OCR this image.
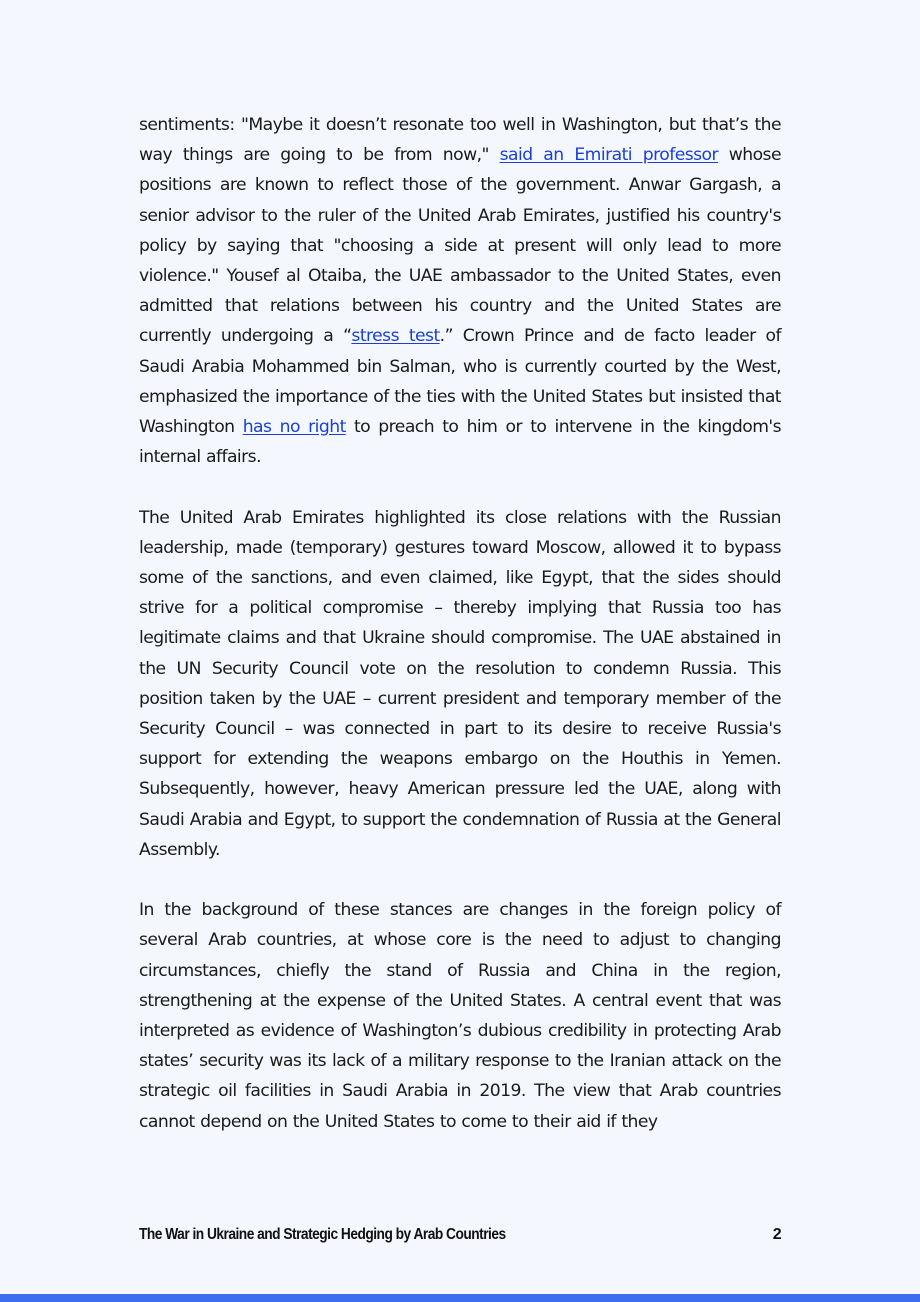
sentiments: "Maybe it doesn’t resonate too well in Washington, but that’s the way things are going to be from now," said an Emirati professor whose positions are known to reflect those of the government. Anwar Gargash, a senior advisor to the ruler of the United Arab Emirates, justified his country's policy by saying that "choosing a side at present will only lead to more violence." Yousef al Otaiba, the UAE ambassador to the United States, even admitted that relations between his country and the United States are currently undergoing a “stress test.” Crown Prince and de facto leader of Saudi Arabia Mohammed bin Salman, who is currently courted by the West, emphasized the importance of the ties with the United States but insisted that Washington has no right to preach to him or to intervene in the kingdom's internal affairs.

The United Arab Emirates highlighted its close relations with the Russian leadership, made (temporary) gestures toward Moscow, allowed it to bypass some of the sanctions, and even claimed, like Egypt, that the sides should strive for a political compromise – thereby implying that Russia too has legitimate claims and that Ukraine should compromise. The UAE abstained in the UN Security Council vote on the resolution to condemn Russia. This position taken by the UAE – current president and temporary member of the Security Council – was connected in part to its desire to receive Russia's support for extending the weapons embargo on the Houthis in Yemen. Subsequently, however, heavy American pressure led the UAE, along with Saudi Arabia and Egypt, to support the condemnation of Russia at the General Assembly.

In the background of these stances are changes in the foreign policy of several Arab countries, at whose core is the need to adjust to changing circumstances, chiefly the stand of Russia and China in the region, strengthening at the expense of the United States. A central event that was interpreted as evidence of Washington’s dubious credibility in protecting Arab states’ security was its lack of a military response to the Iranian attack on the strategic oil facilities in Saudi Arabia in 2019. The view that Arab countries cannot depend on the United States to come to their aid if they

The War in Ukraine and Strategic Hedging by Arab Countries	2
